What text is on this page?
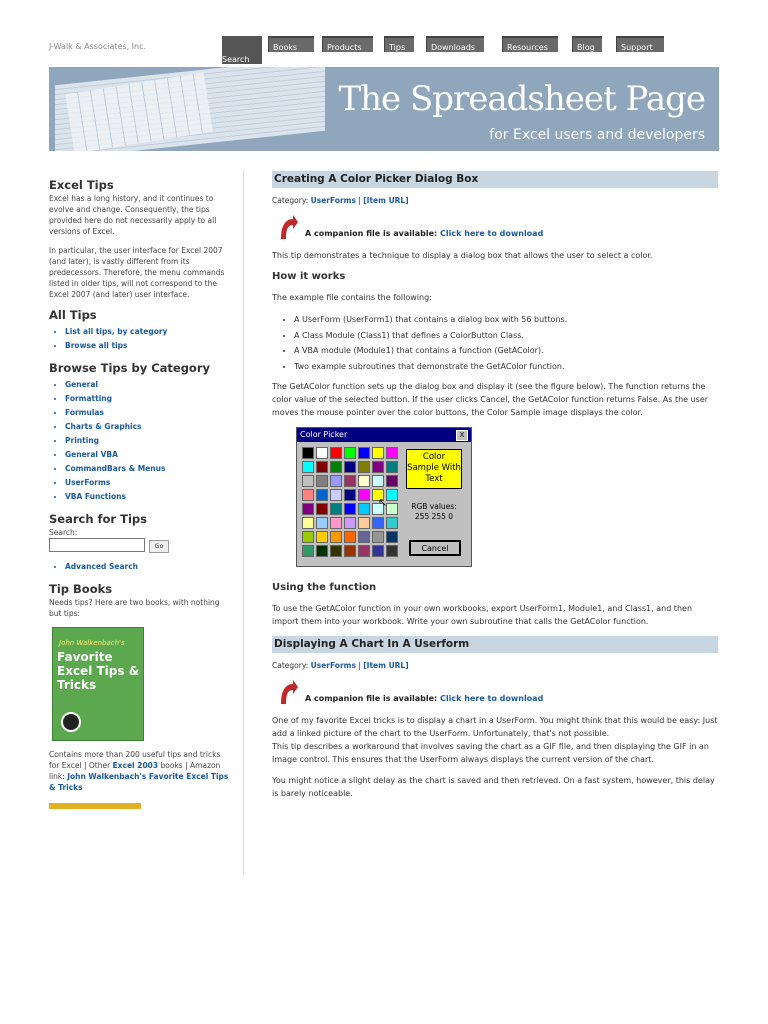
J-Walk & Associates, Inc.
Search
Books	Products	Tips	Downloads	Resources	Blog	Support
The Spreadsheet Page
for Excel users and developers
Excel Tips

Excel has a long history, and it continues to evolve and change. Consequently, the tips provided here do not necessarily apply to all versions of Excel.

In particular, the user interface for Excel 2007 (and later), is vastly different from its predecessors. Therefore, the menu commands listed in older tips, will not correspond to the Excel 2007 (and later) user interface.

All Tips
• List all tips, by category
• Browse all tips
Browse Tips by Category
• General
• Formatting
• Formulas
• Charts & Graphics
• Printing
• General VBA
• CommandBars & Menus
• UserForms
• VBA Functions
Search for Tips
Search:
Go
• Advanced Search
Tip Books

Needs tips? Here are two books, with nothing but tips:

John Walkenbach's
Favorite Excel Tips & Tricks
Contains more than 200 useful tips and tricks for Excel | Other Excel 2003 books | Amazon link: John Walkenbach's Favorite Excel Tips & Tricks
Creating A Color Picker Dialog Box
Category: UserForms | [Item URL]
A companion file is available: Click here to download

This tip demonstrates a technique to display a dialog box that allows the user to select a color.

How it works

The example file contains the following:

• A UserForm (UserForm1) that contains a dialog box with 56 buttons.
• A Class Module (Class1) that defines a ColorButton Class.
• A VBA module (Module1) that contains a function (GetAColor).
• Two example subroutines that demonstrate the GetAColor function.

The GetAColor function sets up the dialog box and display it (see the figure below). The function returns the color value of the selected button. If the user clicks Cancel, the GetAColor function returns False. As the user moves the mouse pointer over the color buttons, the Color Sample image displays the color.

Color Picker	X
Color Sample With Text
RGB values:
255 255 0
Cancel
↖
Using the function

To use the GetAColor function in your own workbooks, export UserForm1, Module1, and Class1, and then import them into your workbook. Write your own subroutine that calls the GetAColor function.

Displaying A Chart In A Userform
Category: UserForms | [Item URL]
A companion file is available: Click here to download

One of my favorite Excel tricks is to display a chart in a UserForm. You might think that this would be easy: Just add a linked picture of the chart to the UserForm. Unfortunately, that's not possible.

This tip describes a workaround that involves saving the chart as a GIF file, and then displaying the GIF in an Image control. This ensures that the UserForm always displays the current version of the chart.

You might notice a slight delay as the chart is saved and then retrieved. On a fast system, however, this delay is barely noticeable.
